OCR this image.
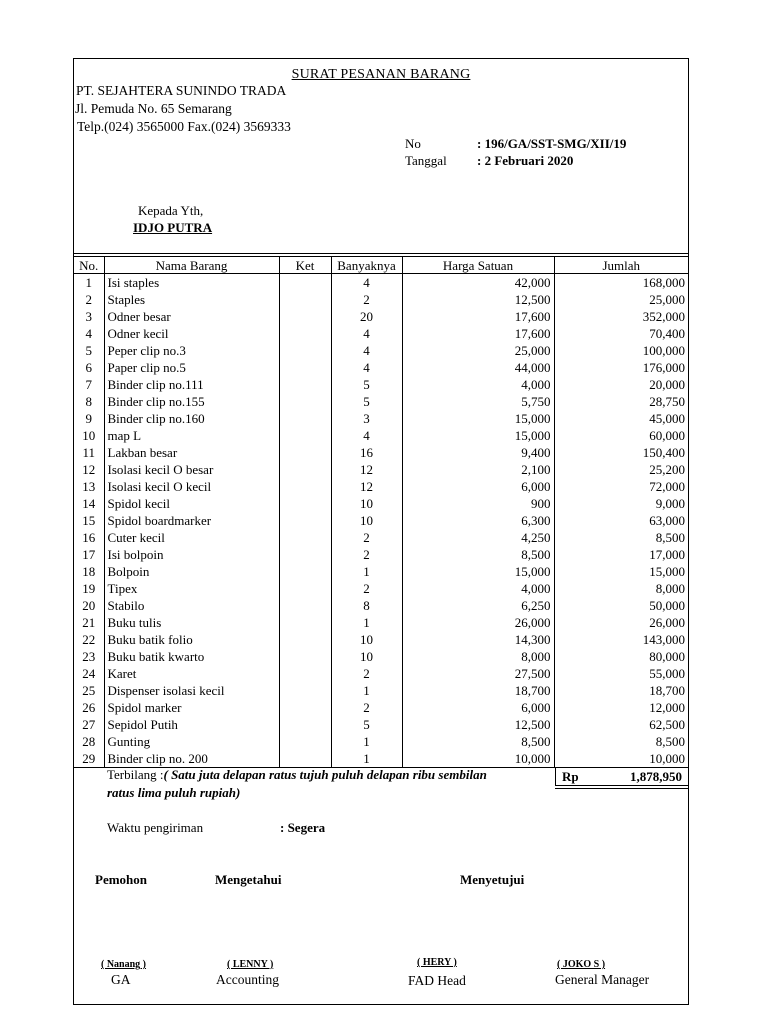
SURAT PESANAN BARANG
PT. SEJAHTERA SUNINDO TRADA
Jl. Pemuda No. 65 Semarang
Telp.(024) 3565000 Fax.(024) 3569333
No	: 196/GA/SST-SMG/XII/19
Tanggal : 2 Februari 2020
Kepada Yth,
IDJO PUTRA
No.	Nama Barang	Ket	Banyaknya	Harga Satuan	Jumlah
1	Isi staples		4	42,000	168,000
2	Staples		2	12,500	25,000
3	Odner besar		20	17,600	352,000
4	Odner kecil		4	17,600	70,400
5	Peper clip no.3		4	25,000	100,000
6	Paper clip no.5		4	44,000	176,000
7	Binder clip no.111		5	4,000	20,000
8	Binder clip no.155		5	5,750	28,750
9	Binder clip no.160		3	15,000	45,000
10	map L		4	15,000	60,000
11	Lakban besar		16	9,400	150,400
12	Isolasi kecil O besar		12	2,100	25,200
13	Isolasi kecil O kecil		12	6,000	72,000
14	Spidol kecil		10	900	9,000
15	Spidol boardmarker		10	6,300	63,000
16	Cuter kecil		2	4,250	8,500
17	Isi bolpoin		2	8,500	17,000
18	Bolpoin		1	15,000	15,000
19	Tipex		2	4,000	8,000
20	Stabilo		8	6,250	50,000
21	Buku tulis		1	26,000	26,000
22	Buku batik folio		10	14,300	143,000
23	Buku batik kwarto		10	8,000	80,000
24	Karet		2	27,500	55,000
25	Dispenser isolasi kecil		1	18,700	18,700
26	Spidol marker		2	6,000	12,000
27	Sepidol Putih		5	12,500	62,500
28	Gunting		1	8,500	8,500
29	Binder clip no. 200		1	10,000	10,000
Terbilang :( Satu juta delapan ratus tujuh puluh delapan ribu sembilan
ratus lima puluh rupiah)
Rp	1,878,950
Waktu pengiriman	: Segera
Pemohon	Mengetahui	Menyetujui
( Nanang )	( LENNY )	( HERY )	( JOKO S )
GA	Accounting	FAD Head	General Manager
